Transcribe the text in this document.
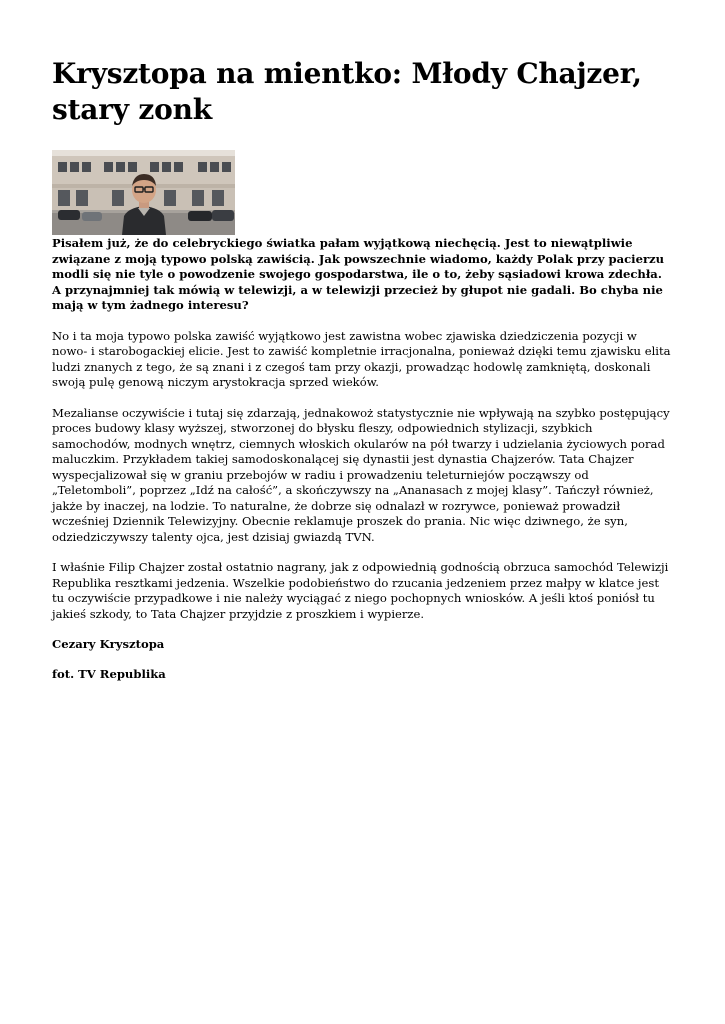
Krysztopa na mientko: Młody Chajzer, stary zonk

Pisałem już, że do celebryckiego światka pałam wyjątkową niechęcią. Jest to niewątpliwie związane z moją typowo polską zawiścią. Jak powszechnie wiadomo, każdy Polak przy pacierzu modli się nie tyle o powodzenie swojego gospodarstwa, ile o to, żeby sąsiadowi krowa zdechła. A przynajmniej tak mówią w telewizji, a w telewizji przecież by głupot nie gadali. Bo chyba nie mają w tym żadnego interesu?

No i ta moja typowo polska zawiść wyjątkowo jest zawistna wobec zjawiska dziedziczenia pozycji w nowo- i starobogackiej elicie. Jest to zawiść kompletnie irracjonalna, ponieważ dzięki temu zjawisku elita ludzi znanych z tego, że są znani i z czegoś tam przy okazji, prowadząc hodowlę zamkniętą, doskonali swoją pulę genową niczym arystokracja sprzed wieków.

Mezalianse oczywiście i tutaj się zdarzają, jednakowoż statystycznie nie wpływają na szybko postępujący proces budowy klasy wyższej, stworzonej do błysku fleszy, odpowiednich stylizacji, szybkich samochodów, modnych wnętrz, ciemnych włoskich okularów na pół twarzy i udzielania życiowych porad maluczkim. Przykładem takiej samodoskonalącej się dynastii jest dynastia Chajzerów. Tata Chajzer wyspecjalizował się w graniu przebojów w radiu i prowadzeniu teleturniejów począwszy od „Teletomboli”, poprzez „Idź na całość”, a skończywszy na „Ananasach z mojej klasy”. Tańczył również, jakże by inaczej, na lodzie. To naturalne, że dobrze się odnalazł w rozrywce, ponieważ prowadził wcześniej Dziennik Telewizyjny. Obecnie reklamuje proszek do prania. Nic więc dziwnego, że syn, odziedziczywszy talenty ojca, jest dzisiaj gwiazdą TVN.

I właśnie Filip Chajzer został ostatnio nagrany, jak z odpowiednią godnością obrzuca samochód Telewizji Republika resztkami jedzenia. Wszelkie podobieństwo do rzucania jedzeniem przez małpy w klatce jest tu oczywiście przypadkowe i nie należy wyciągać z niego pochopnych wniosków. A jeśli ktoś poniósł tu jakieś szkody, to Tata Chajzer przyjdzie z proszkiem i wypierze.

Cezary Krysztopa

fot. TV Republika
